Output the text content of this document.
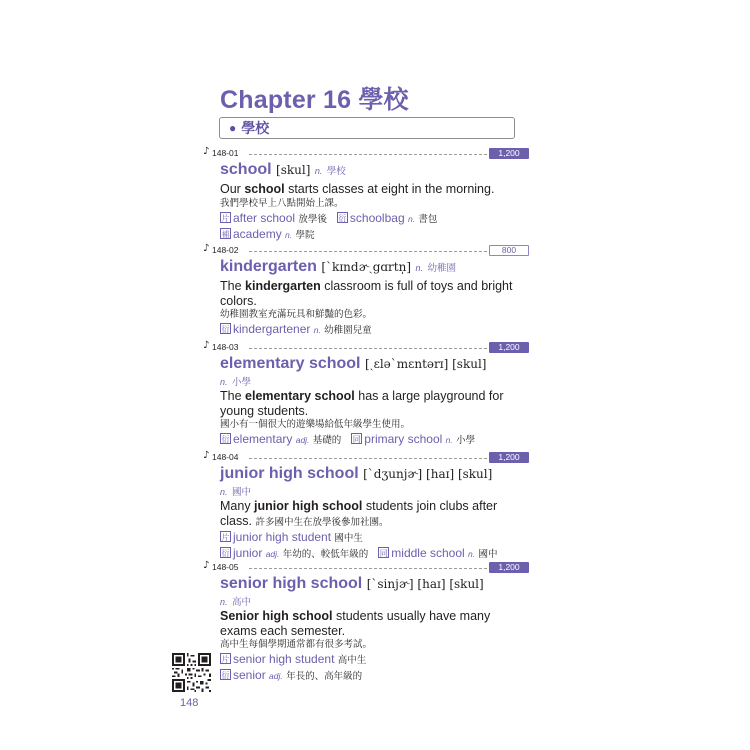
Chapter 16 學校
● 學校
♪ 148-01	1,200
school [skul] n. 學校
Our school starts classes at eight in the morning.
我們學校早上八點開始上課。
片 after school 放學後 衍 schoolbag n. 書包
補 academy n. 學院
♪ 148-02	800
kindergarten [ˋkɪndɚˏgɑrtn̩] n. 幼稚園
The kindergarten classroom is full of toys and bright colors.
幼稚園教室充滿玩具和鮮豔的色彩。
衍 kindergartener n. 幼稚園兒童
♪ 148-03	1,200
elementary school [ˏɛləˋmɛntərɪ] [skul]
n. 小學
The elementary school has a large playground for young students.
國小有一個很大的遊樂場給低年級學生使用。
衍 elementary adj. 基礎的 同 primary school n. 小學
♪ 148-04	1,200
junior high school [ˋdʒunjɚ] [haɪ] [skul]
n. 國中
Many junior high school students join clubs after class. 許多國中生在放學後參加社團。
片 junior high student 國中生
衍 junior adj. 年幼的、較低年級的 同 middle school n. 國中
♪ 148-05	1,200
senior high school [ˋsinjɚ] [haɪ] [skul]
n. 高中
Senior high school students usually have many exams each semester.
高中生每個學期通常都有很多考試。
片 senior high student 高中生
衍 senior adj. 年長的、高年級的
148
